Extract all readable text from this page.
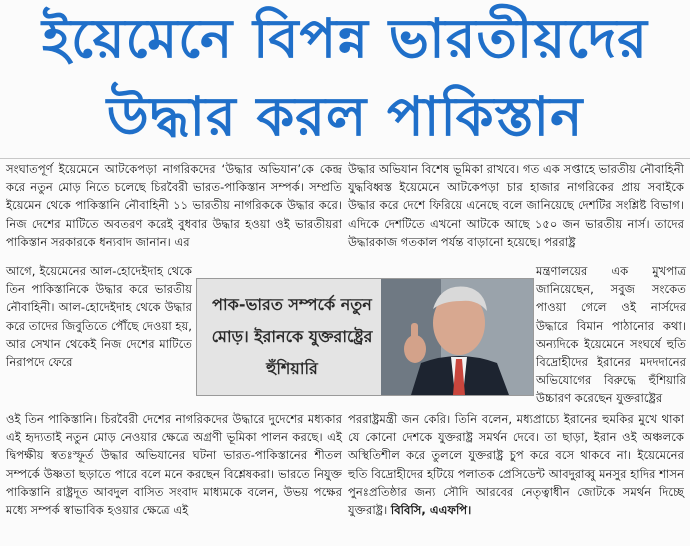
ইয়েমেনে বিপন্ন ভারতীয়দের
উদ্ধার করল পাকিস্তান

সংঘাতপূর্ণ ইয়েমেনে আটকেপড়া নাগরিকদের ‘উদ্ধার অভিযান’কে কেন্দ্র করে নতুন মোড় নিতে চলেছে চিরবৈরী ভারত-পাকিস্তান সম্পর্ক। সম্প্রতি ইয়েমেন থেকে পাকিস্তানি নৌবাহিনী ১১ ভারতীয় নাগরিককে উদ্ধার করে। নিজ দেশের মাটিতে অবতরণ করেই বুধবার উদ্ধার হওয়া ওই ভারতীয়রা পাকিস্তান সরকারকে ধন্যবাদ জানান। এর

আগে, ইয়েমেনের আল-হোদেইদাহ থেকে তিন পাকিস্তানিকে উদ্ধার করে ভারতীয় নৌবাহিনী। আল-হোদেইদাহ থেকে উদ্ধার করে তাদের জিবুতিতে পৌঁছে দেওয়া হয়, আর সেখান থেকেই নিজ দেশের মাটিতে নিরাপদে ফেরে

ওই তিন পাকিস্তানি। চিরবৈরী দেশের নাগরিকদের উদ্ধারে দুদেশের মধ্যকার এই হৃদ্যতাই নতুন মোড় নেওয়ার ক্ষেত্রে অগ্রণী ভূমিকা পালন করছে। এই দ্বিপক্ষীয় স্বতঃস্ফূর্ত উদ্ধার অভিযানের ঘটনা ভারত-পাকিস্তানের শীতল সম্পর্কে উষ্ণতা ছড়াতে পারে বলে মনে করছেন বিশ্লেষকরা। ভারতে নিযুক্ত পাকিস্তানি রাষ্ট্রদূত আবদুল বাসিত সংবাদ মাধ্যমকে বলেন, উভয় পক্ষের মধ্যে সম্পর্ক স্বাভাবিক হওয়ার ক্ষেত্রে এই

উদ্ধার অভিযান বিশেষ ভূমিকা রাখবে। গত এক সপ্তাহে ভারতীয় নৌবাহিনী যুদ্ধবিধ্বস্ত ইয়েমেনে আটকেপড়া চার হাজার নাগরিকের প্রায় সবাইকে উদ্ধার করে দেশে ফিরিয়ে এনেছে বলে জানিয়েছে দেশটির সংশ্লিষ্ট বিভাগ। এদিকে দেশটিতে এখনো আটকে আছে ১৫০ জন ভারতীয় নার্স। তাদের উদ্ধারকাজ গতকাল পর্যন্ত বাড়ানো হয়েছে। পররাষ্ট্র

মন্ত্রণালয়ের এক মুখপাত্র জানিয়েছেন, সবুজ সংকেত পাওয়া গেলে ওই নার্সদের উদ্ধারে বিমান পাঠানোর কথা। অন্যদিকে ইয়েমেনে সংঘর্ষে হুতি বিদ্রোহীদের ইরানের মদদদানের অভিযোগের বিরুদ্ধে হুঁশিয়ারি উচ্চারণ করেছেন যুক্তরাষ্ট্রের

পররাষ্ট্রমন্ত্রী জন কেরি। তিনি বলেন, মধ্যপ্রাচ্যে ইরানের হুমকির মুখে থাকা যে কোনো দেশকে যুক্তরাষ্ট্র সমর্থন দেবে। তা ছাড়া, ইরান ওই অঞ্চলকে অস্থিতিশীল করে তুললে যুক্তরাষ্ট্র চুপ করে বসে থাকবে না। ইয়েমেনের হুতি বিদ্রোহীদের হটিয়ে পলাতক প্রেসিডেন্ট আবদুরাব্বু মনসুর হাদির শাসন পুনঃপ্রতিষ্ঠার জন্য সৌদি আরবের নেতৃত্বাধীন জোটকে সমর্থন দিচ্ছে যুক্তরাষ্ট্র। বিবিসি, এএফপি।

পাক-ভারত সম্পর্কে নতুন মোড়। ইরানকে যুক্তরাষ্ট্রের হুঁশিয়ারি
